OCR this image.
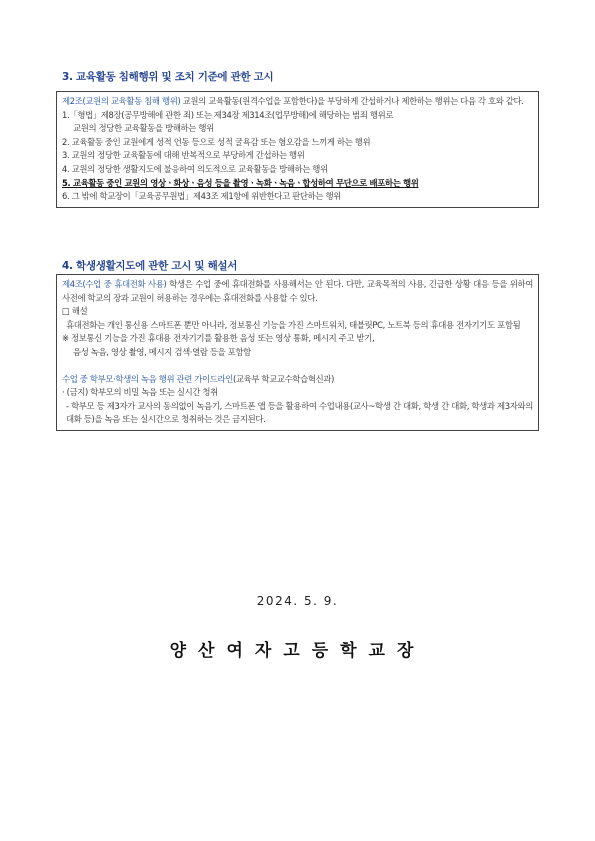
3. 교육활동 침해행위 및 조치 기준에 관한 고시
제2조(교원의 교육활동 침해 행위) 교원의 교육활동(원격수업을 포함한다)을 부당하게 간섭하거나 제한하는 행위는 다음 각 호와 같다.
1.「형법」제8장(공무방해에 관한 죄) 또는 제34장 제314조(업무방해)에 해당하는 범죄 행위로
교원의 정당한 교육활동을 방해하는 행위
2. 교육활동 중인 교원에게 성적 언동 등으로 성적 굴욕감 또는 혐오감을 느끼게 하는 행위
3. 교원의 정당한 교육활동에 대해 반복적으로 부당하게 간섭하는 행위
4. 교원의 정당한 생활지도에 불응하여 의도적으로 교육활동을 방해하는 행위
5. 교육활동 중인 교원의 영상ㆍ화상ㆍ음성 등을 촬영ㆍ녹화ㆍ녹음ㆍ합성하여 무단으로 배포하는 행위
6. 그 밖에 학교장이「교육공무원법」제43조 제1항에 위반한다고 판단하는 행위
4. 학생생활지도에 관한 고시 및 해설서
제4조(수업 중 휴대전화 사용) 학생은 수업 중에 휴대전화를 사용해서는 안 된다. 다만, 교육목적의 사용, 긴급한 상황 대응 등을 위하여 사전에 학교의 장과 교원이 허용하는 경우에는 휴대전화를 사용할 수 있다.
□ 해설
휴대전화는 개인 통신용 스마트폰 뿐만 아니라, 정보통신 기능을 가진 스마트워치, 태블릿PC, 노트북 등의 휴대용 전자기기도 포함됨
※ 정보통신 기능을 가진 휴대용 전자기기를 활용한 음성 또는 영상 통화, 메시지 주고 받기,
음성 녹음, 영상 촬영, 메시지 검색·열람 등을 포함함
수업 중 학부모·학생의 녹음 행위 관련 가이드라인(교육부 학교교수학습혁신과)
· (금지) 학부모의 비밀 녹음 또는 실시간 청취
- 학부모 등 제3자가 교사의 동의없이 녹음기, 스마트폰 앱 등을 활용하여 수업내용(교사~학생 간 대화, 학생 간 대화, 학생과 제3자와의 대화 등)을 녹음 또는 실시간으로 청취하는 것은 금지된다.
2024. 5. 9.
양산여자고등학교장
